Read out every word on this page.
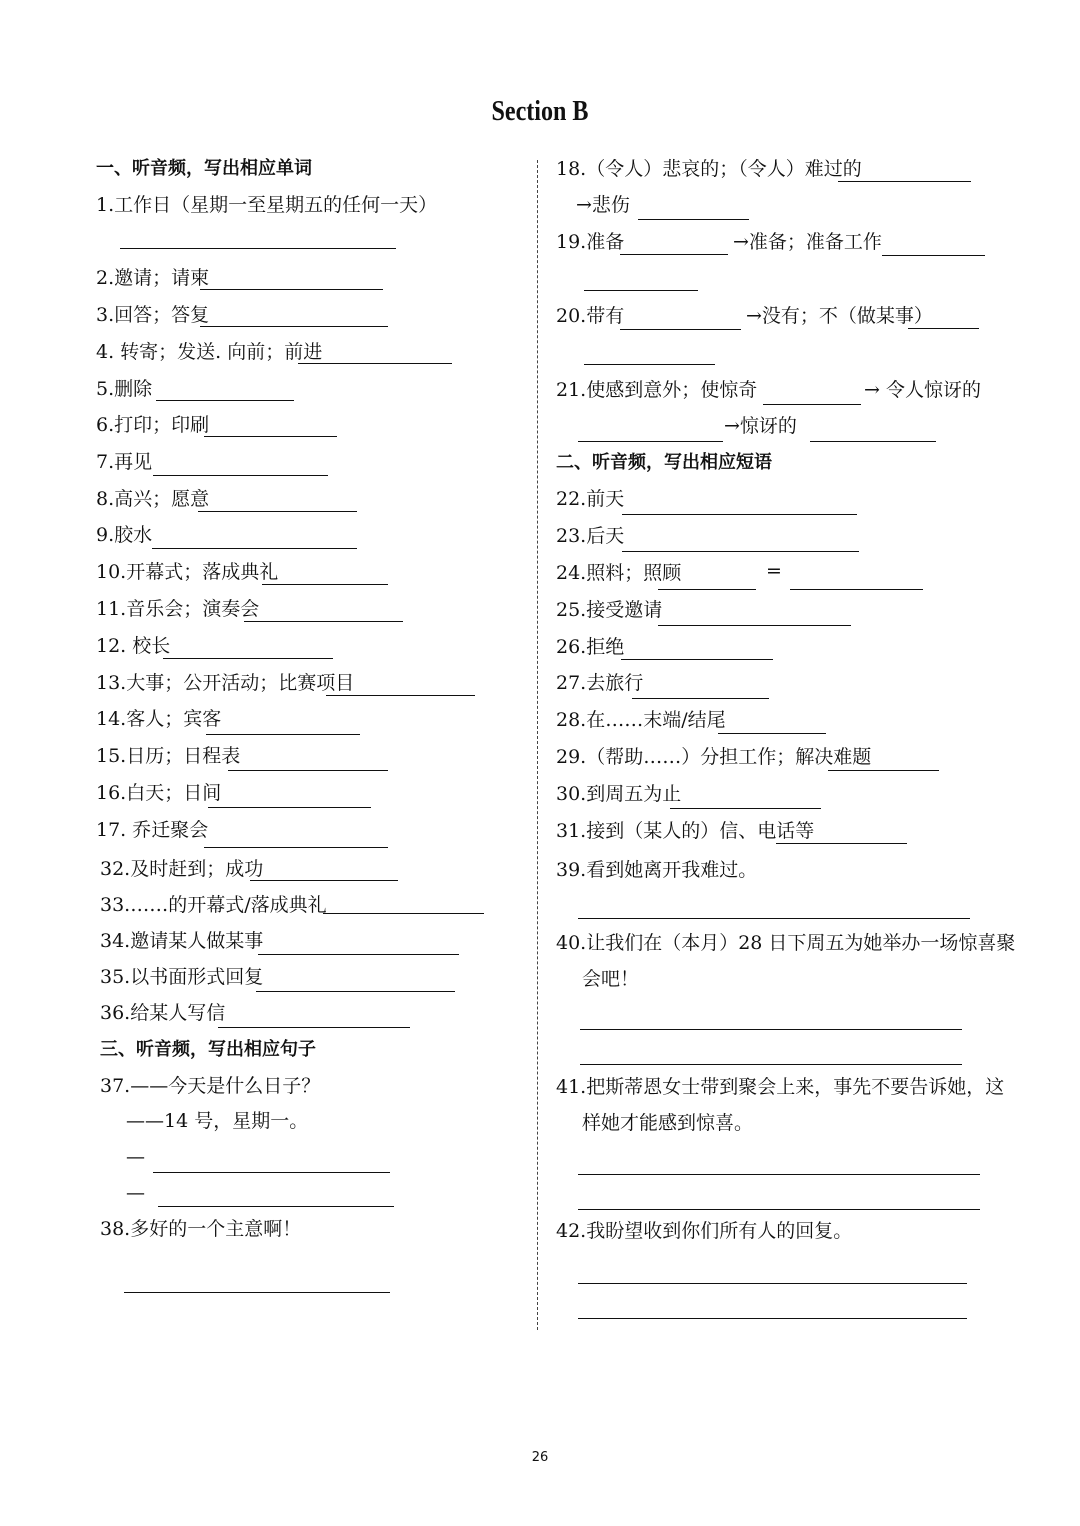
Section B
一、听音频，写出相应单词
1.工作日（星期一至星期五的任何一天）
2.邀请；请柬
3.回答；答复
4. 转寄；发送. 向前；前进
5.删除
6.打印；印刷
7.再见
8.高兴；愿意
9.胶水
10.开幕式；落成典礼
11.音乐会；演奏会
12. 校长
13.大事；公开活动；比赛项目
14.客人；宾客
15.日历；日程表
16.白天；日间
17. 乔迁聚会
32.及时赶到；成功
33.……的开幕式/落成典礼
34.邀请某人做某事
35.以书面形式回复
36.给某人写信
三、听音频，写出相应句子
37.——今天是什么日子？
——14 号，星期一。
—
—
38.多好的一个主意啊！
18.（令人）悲哀的；（令人）难过的
→悲伤
19.准备	→准备；准备工作
20.带有	→没有；不（做某事）
21.使感到意外；使惊奇	→ 令人惊讶的
→惊讶的
二、听音频，写出相应短语
22.前天
23.后天
24.照料；照顾	=
25.接受邀请
26.拒绝
27.去旅行
28.在……末端/结尾
29.（帮助……）分担工作；解决难题
30.到周五为止
31.接到（某人的）信、电话等
39.看到她离开我难过。
40.让我们在（本月）28 日下周五为她举办一场惊喜聚
会吧！
41.把斯蒂恩女士带到聚会上来，事先不要告诉她，这
样她才能感到惊喜。
42.我盼望收到你们所有人的回复。
26
